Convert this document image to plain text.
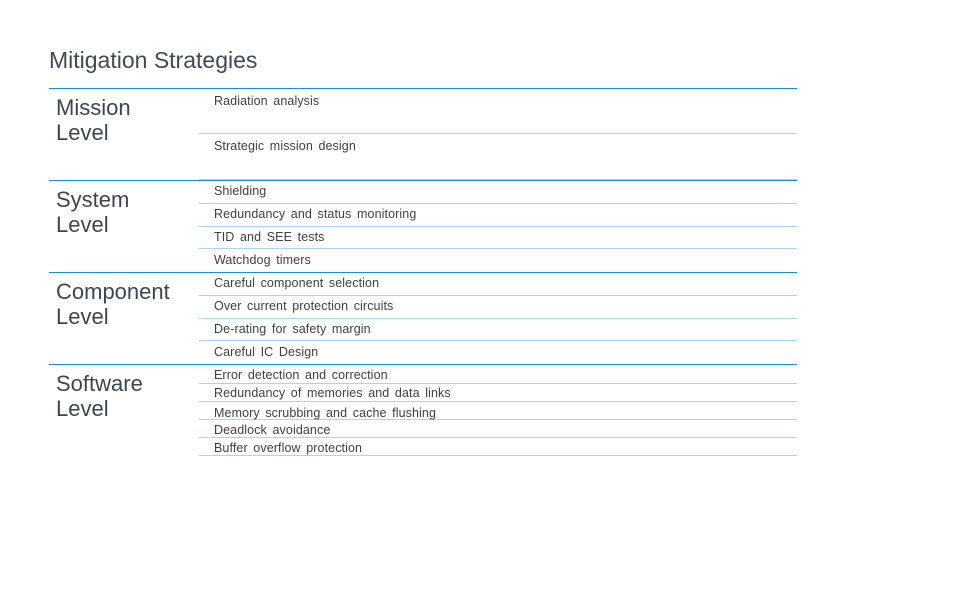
Mitigation Strategies
Mission
Level
Radiation analysis
Strategic mission design
System
Level
Shielding
Redundancy and status monitoring
TID and SEE tests
Watchdog timers
Component
Level
Careful component selection
Over current protection circuits
De-rating for safety margin
Careful IC Design
Software
Level
Error detection and correction
Redundancy of memories and data links
Memory scrubbing and cache flushing
Deadlock avoidance
Buffer overflow protection
